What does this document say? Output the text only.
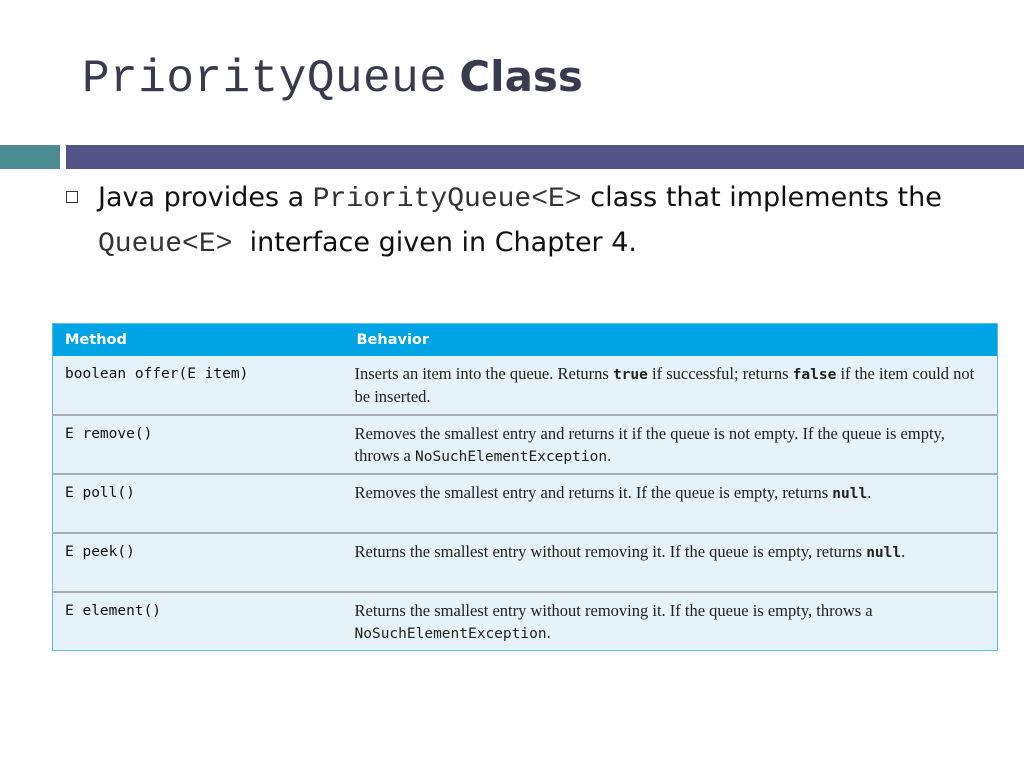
PriorityQueue Class

Java provides a PriorityQueue<E> class that implements the Queue<E>  interface given in Chapter 4.

Method	Behavior
boolean offer(E item)	Inserts an item into the queue. Returns true if successful; returns false if the item could not be inserted.
E remove()	Removes the smallest entry and returns it if the queue is not empty. If the queue is empty, throws a NoSuchElementException.
E poll()	Removes the smallest entry and returns it. If the queue is empty, returns null.
E peek()	Returns the smallest entry without removing it. If the queue is empty, returns null.
E element()	Returns the smallest entry without removing it. If the queue is empty, throws a NoSuchElementException.
